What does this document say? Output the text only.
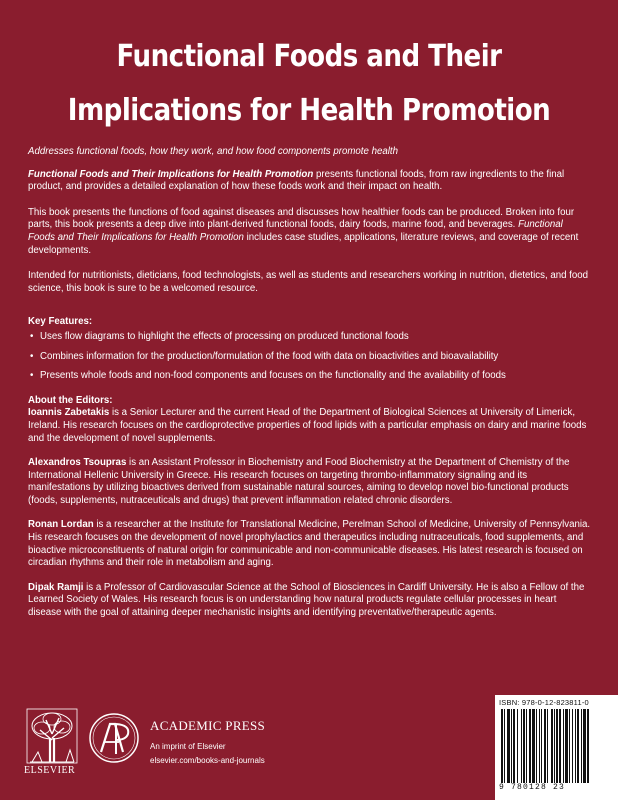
Functional Foods and Their
Implications for Health Promotion

Addresses functional foods, how they work, and how food components promote health

Functional Foods and Their Implications for Health Promotion presents functional foods, from raw ingredients to the final product, and provides a detailed explanation of how these foods work and their impact on health.

This book presents the functions of food against diseases and discusses how healthier foods can be produced. Broken into four parts, this book presents a deep dive into plant-derived functional foods, dairy foods, marine food, and beverages. Functional Foods and Their Implications for Health Promotion includes case studies, applications, literature reviews, and coverage of recent developments.

Intended for nutritionists, dieticians, food technologists, as well as students and researchers working in nutrition, dietetics, and food science, this book is sure to be a welcomed resource.

Key Features:

• Uses flow diagrams to highlight the effects of processing on produced functional foods
• Combines information for the production/formulation of the food with data on bioactivities and bioavailability
• Presents whole foods and non-food components and focuses on the functionality and the availability of foods

About the Editors:

Ioannis Zabetakis is a Senior Lecturer and the current Head of the Department of Biological Sciences at University of Limerick, Ireland. His research focuses on the cardioprotective properties of food lipids with a particular emphasis on dairy and marine foods and the development of novel supplements.

Alexandros Tsoupras is an Assistant Professor in Biochemistry and Food Biochemistry at the Department of Chemistry of the International Hellenic University in Greece. His research focuses on targeting thrombo-inflammatory signaling and its manifestations by utilizing bioactives derived from sustainable natural sources, aiming to develop novel bio-functional products (foods, supplements, nutraceuticals and drugs) that prevent inflammation related chronic disorders.

Ronan Lordan is a researcher at the Institute for Translational Medicine, Perelman School of Medicine, University of Pennsylvania. His research focuses on the development of novel prophylactics and therapeutics including nutraceuticals, food supplements, and bioactive microconstituents of natural origin for communicable and non-communicable diseases. His latest research is focused on circadian rhythms and their role in metabolism and aging.

Dipak Ramji is a Professor of Cardiovascular Science at the School of Biosciences in Cardiff University. He is also a Fellow of the Learned Society of Wales. His research focus is on understanding how natural products regulate cellular processes in heart disease with the goal of attaining deeper mechanistic insights and identifying preventative/therapeutic agents.

ELSEVIER
ACADEMIC PRESS
An imprint of Elsevier
elsevier.com/books-and-journals
ISBN: 978-0-12-823811-0
9 780128 23
